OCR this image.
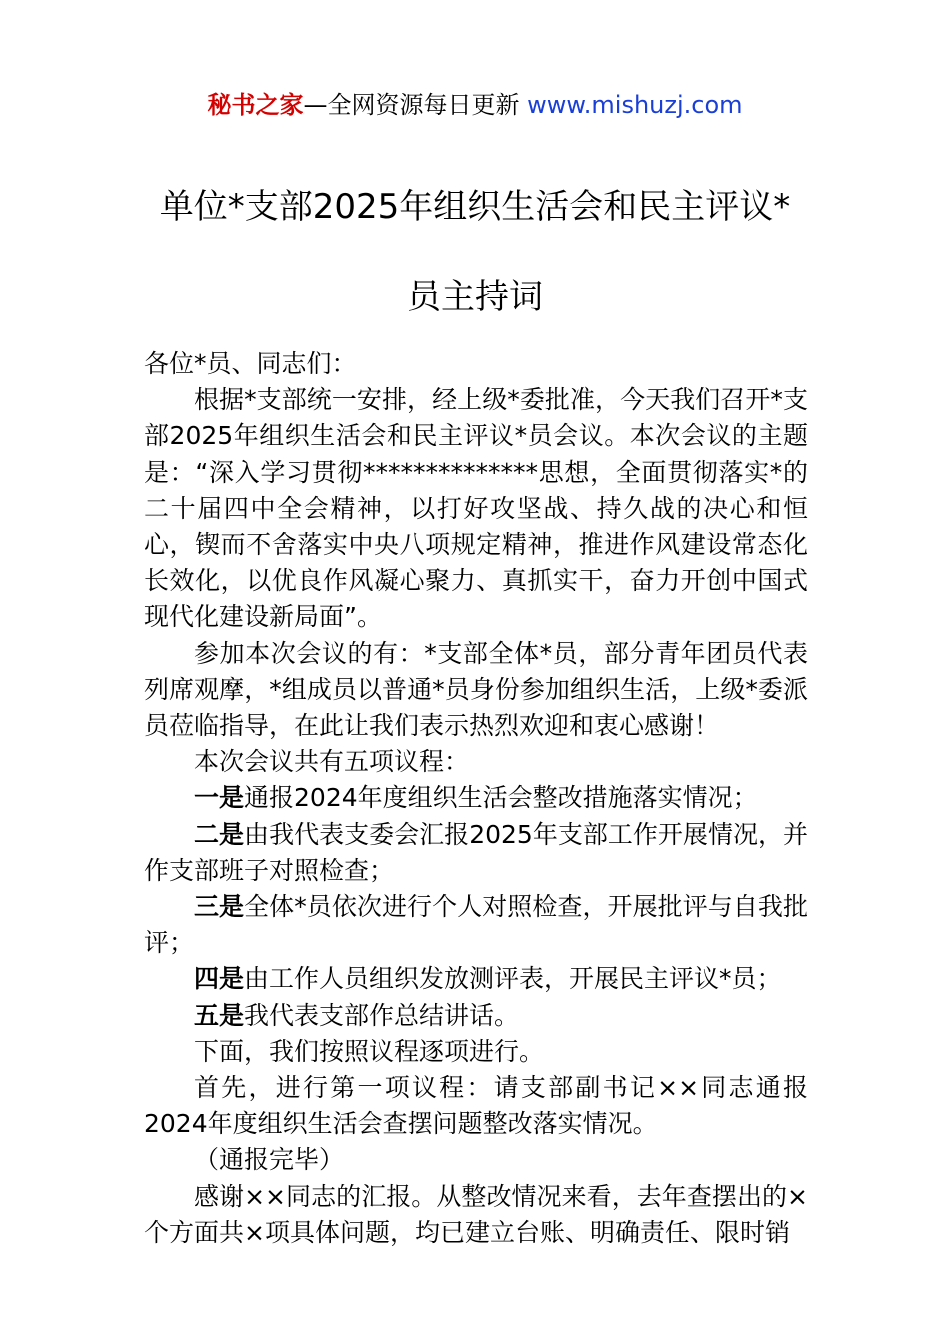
秘书之家—全网资源每日更新 www.mishuzj.com
单位*支部2025年组织生活会和民主评议*
员主持词

各位*员、同志们：

根据*支部统一安排，经上级*委批准，今天我们召开*支部2025年组织生活会和民主评议*员会议。本次会议的主题是：“深入学习贯彻**************思想，全面贯彻落实*的二十届四中全会精神，以打好攻坚战、持久战的决心和恒心，锲而不舍落实中央八项规定精神，推进作风建设常态化长效化，以优良作风凝心聚力、真抓实干，奋力开创中国式现代化建设新局面”。

参加本次会议的有：*支部全体*员，部分青年团员代表列席观摩，*组成员以普通*员身份参加组织生活，上级*委派员莅临指导，在此让我们表示热烈欢迎和衷心感谢！

本次会议共有五项议程：

一是通报2024年度组织生活会整改措施落实情况；

二是由我代表支委会汇报2025年支部工作开展情况，并作支部班子对照检查；

三是全体*员依次进行个人对照检查，开展批评与自我批评；

四是由工作人员组织发放测评表，开展民主评议*员；

五是我代表支部作总结讲话。

下面，我们按照议程逐项进行。

首先，进行第一项议程：请支部副书记××同志通报2024年度组织生活会查摆问题整改落实情况。

（通报完毕）

感谢××同志的汇报。从整改情况来看，去年查摆出的×个方面共×项具体问题，均已建立台账、明确责任、限时销
